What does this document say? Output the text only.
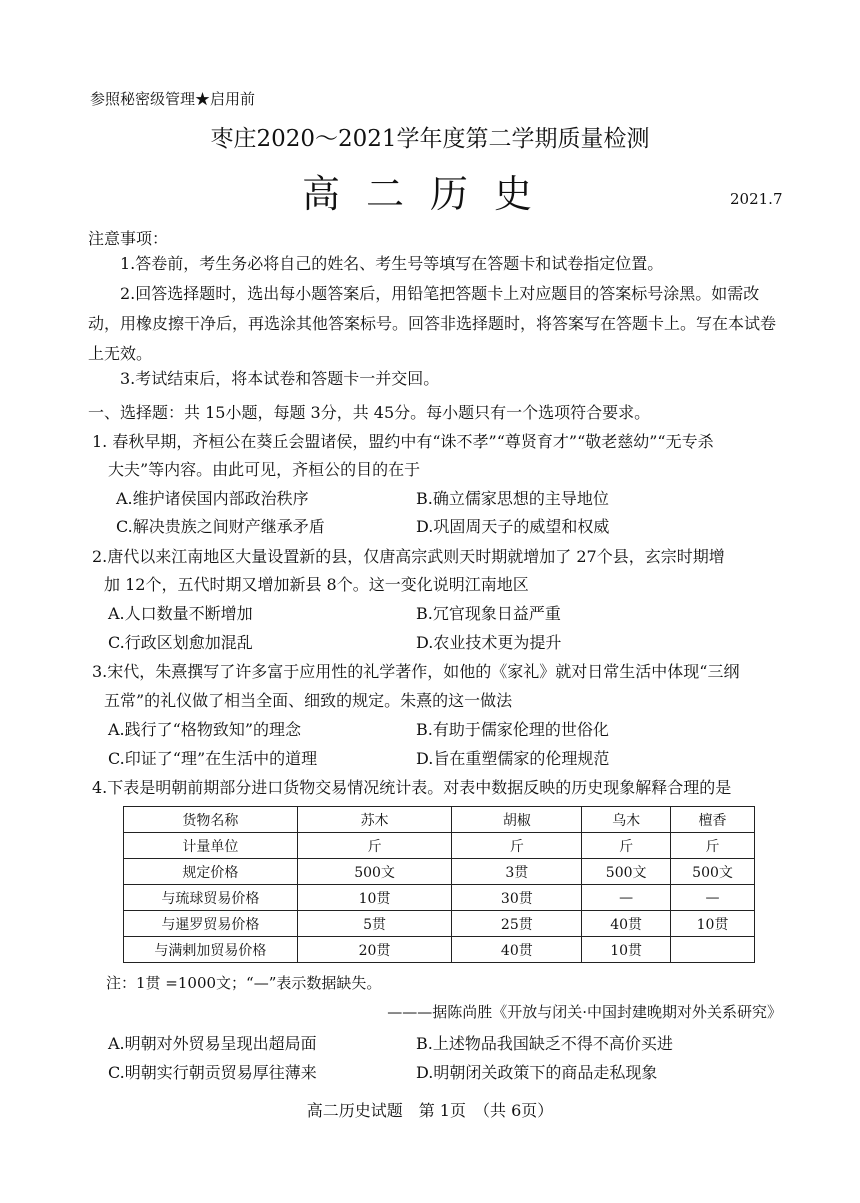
参照秘密级管理★启用前
枣庄2020～2021学年度第二学期质量检测
高二历史	2021.7
注意事项：
1.答卷前，考生务必将自己的姓名、考生号等填写在答题卡和试卷指定位置。
2.回答选择题时，选出每小题答案后，用铅笔把答题卡上对应题目的答案标号涂黑。如需改动，用橡皮擦干净后，再选涂其他答案标号。回答非选择题时，将答案写在答题卡上。写在本试卷上无效。
3.考试结束后，将本试卷和答题卡一并交回。
一、选择题：共 15小题，每题 3分，共 45分。每小题只有一个选项符合要求。
1. 春秋早期，齐桓公在葵丘会盟诸侯，盟约中有“诛不孝”“尊贤育才”“敬老慈幼”“无专杀
大夫”等内容。由此可见，齐桓公的目的在于
A.维护诸侯国内部政治秩序	B.确立儒家思想的主导地位
C.解决贵族之间财产继承矛盾	D.巩固周天子的威望和权威
2.唐代以来江南地区大量设置新的县，仅唐高宗武则天时期就增加了 27个县，玄宗时期增
加 12个，五代时期又增加新县 8个。这一变化说明江南地区
A.人口数量不断增加	B.冗官现象日益严重
C.行政区划愈加混乱	D.农业技术更为提升
3.宋代，朱熹撰写了许多富于应用性的礼学著作，如他的《家礼》就对日常生活中体现“三纲
五常”的礼仪做了相当全面、细致的规定。朱熹的这一做法
A.践行了“格物致知”的理念	B.有助于儒家伦理的世俗化
C.印证了“理”在生活中的道理	D.旨在重塑儒家的伦理规范
4.下表是明朝前期部分进口货物交易情况统计表。对表中数据反映的历史现象解释合理的是
货物名称	苏木	胡椒	乌木	檀香
计量单位	斤	斤	斤	斤
规定价格	500文	3贯	500文	500文
与琉球贸易价格	10贯	30贯	—	—
与暹罗贸易价格	5贯	25贯	40贯	10贯
与满剌加贸易价格	20贯	40贯	10贯	
注：1贯 =1000文；“—”表示数据缺失。
———据陈尚胜《开放与闭关·中国封建晚期对外关系研究》
A.明朝对外贸易呈现出超局面	B.上述物品我国缺乏不得不高价买进
C.明朝实行朝贡贸易厚往薄来	D.明朝闭关政策下的商品走私现象
高二历史试题　第 1页　（共 6页）
